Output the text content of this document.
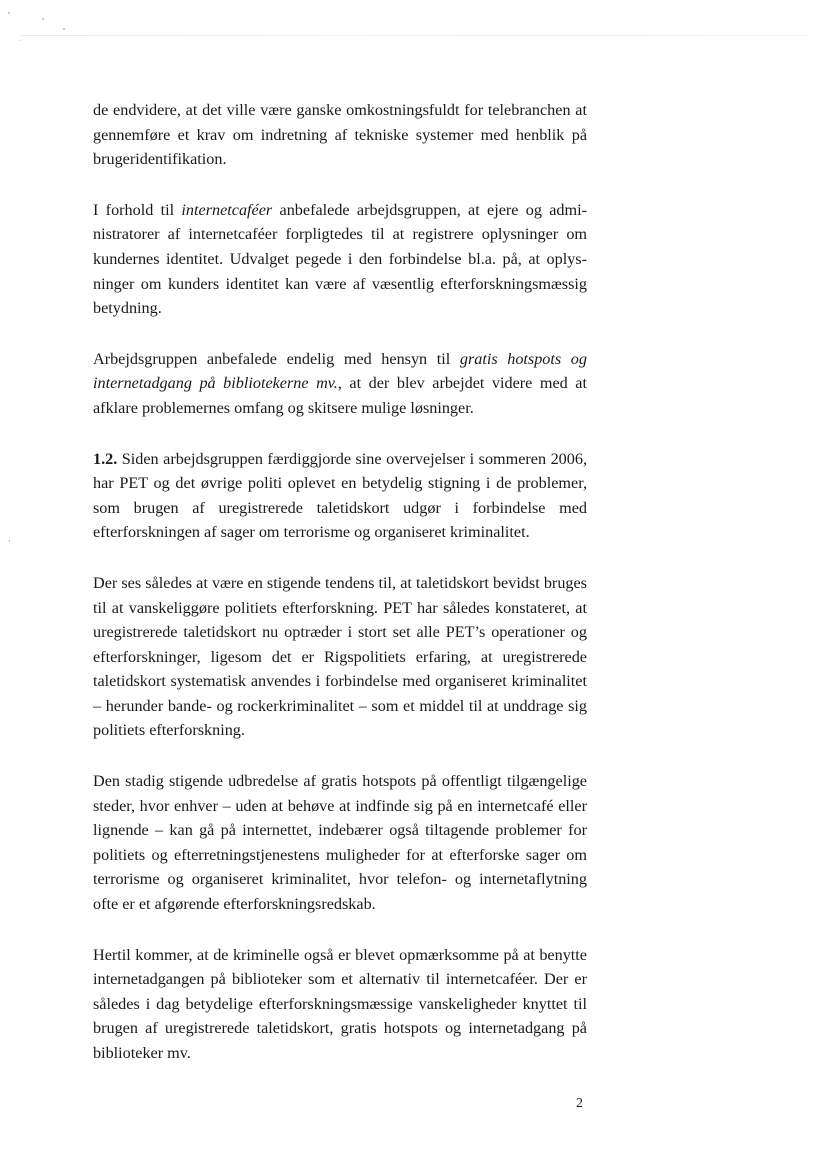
de endvidere, at det ville være ganske omkostningsfuldt for telebranchen at gennemføre et krav om indretning af tekniske systemer med henblik på brugeridentifikation.

I forhold til internetcaféer anbefalede arbejdsgruppen, at ejere og administratorer af internetcaféer forpligtedes til at registrere oplysninger om kundernes identitet. Udvalget pegede i den forbindelse bl.a. på, at oplysninger om kunders identitet kan være af væsentlig efterforskningsmæssig betydning.

Arbejdsgruppen anbefalede endelig med hensyn til gratis hotspots og internetadgang på bibliotekerne mv., at der blev arbejdet videre med at afklare problemernes omfang og skitsere mulige løsninger.

1.2. Siden arbejdsgruppen færdiggjorde sine overvejelser i sommeren 2006, har PET og det øvrige politi oplevet en betydelig stigning i de problemer, som brugen af uregistrerede taletidskort udgør i forbindelse med efterforskningen af sager om terrorisme og organiseret kriminalitet.

Der ses således at være en stigende tendens til, at taletidskort bevidst bruges til at vanskeliggøre politiets efterforskning. PET har således konstateret, at uregistrerede taletidskort nu optræder i stort set alle PET’s operationer og efterforskninger, ligesom det er Rigspolitiets erfaring, at uregistrerede taletidskort systematisk anvendes i forbindelse med organiseret kriminalitet – herunder bande- og rockerkriminalitet – som et middel til at unddrage sig politiets efterforskning.

Den stadig stigende udbredelse af gratis hotspots på offentligt tilgængelige steder, hvor enhver – uden at behøve at indfinde sig på en internetcafé eller lignende – kan gå på internettet, indebærer også tiltagende problemer for politiets og efterretningstjenestens muligheder for at efterforske sager om terrorisme og organiseret kriminalitet, hvor telefon- og internetaflytning ofte er et afgørende efterforskningsredskab.

Hertil kommer, at de kriminelle også er blevet opmærksomme på at benytte internetadgangen på biblioteker som et alternativ til internetcaféer. Der er således i dag betydelige efterforskningsmæssige vanskeligheder knyttet til brugen af uregistrerede taletidskort, gratis hotspots og internetadgang på biblioteker mv.

2
